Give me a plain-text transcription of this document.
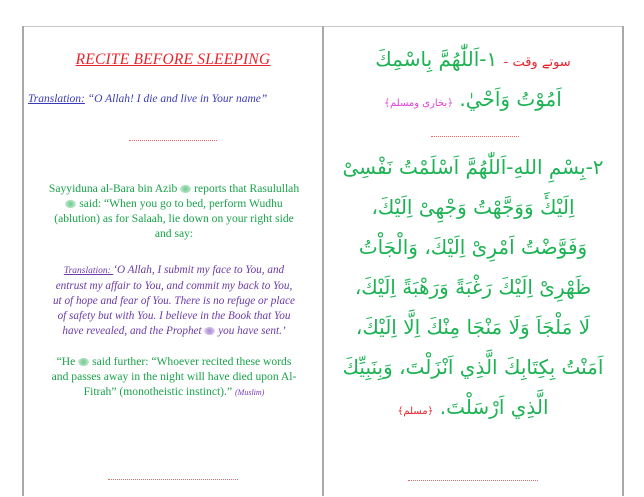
RECITE BEFORE SLEEPING
Translation: “O Allah! I die and live in Your name”
Sayyiduna al-Bara bin Azib  reports that Rasulullah
said: “When you go to bed, perform Wudhu
(ablution) as for Salaah, lie down on your right side
and say:
Translation: ‘O Allah, I submit my face to You, and
entrust my affair to You, and commit my back to You,
ut of hope and fear of You. There is no refuge or place
of safety but with You. I believe in the Book that You
have revealed, and the Prophet  you have sent.’
“He  said further: “Whoever recited these words
and passes away in the night will have died upon Al-
Fitrah” (monotheistic instinct).” (Muslim)
سوتے وقت - ١-اَللّٰهُمَّ بِاسْمِكَ
اَمُوْتُ وَاَحْيٰ. ﴿بخاری ومسلم﴾
٢-بِسْمِ اللهِ-اَللّٰهُمَّ اَسْلَمْتُ نَفْسِىْ
اِلَيْكَٔ وَوَجَّهْتُ وَجْهِىْ اِلَيْكَ،
وَفَوَّضْتُ اَمْرِىْ اِلَيْكَ، وَالْجَاْتُ
ظَهْرِىْ اِلَيْكَ رَغْبَةً وَرَهْبَةً اِلَيْكَ،
لَا مَلْجَاَ وَلَا مَنْجَا مِنْكَ اِلَّا اِلَيْكَ،
اَمَنْتُ بِكِتَابِكَ الَّذِي اَنْزَلْتَ، وَبِنَبِيِّكَ
الَّذِي اَرْسَلْتَ. ﴿مسلم﴾
